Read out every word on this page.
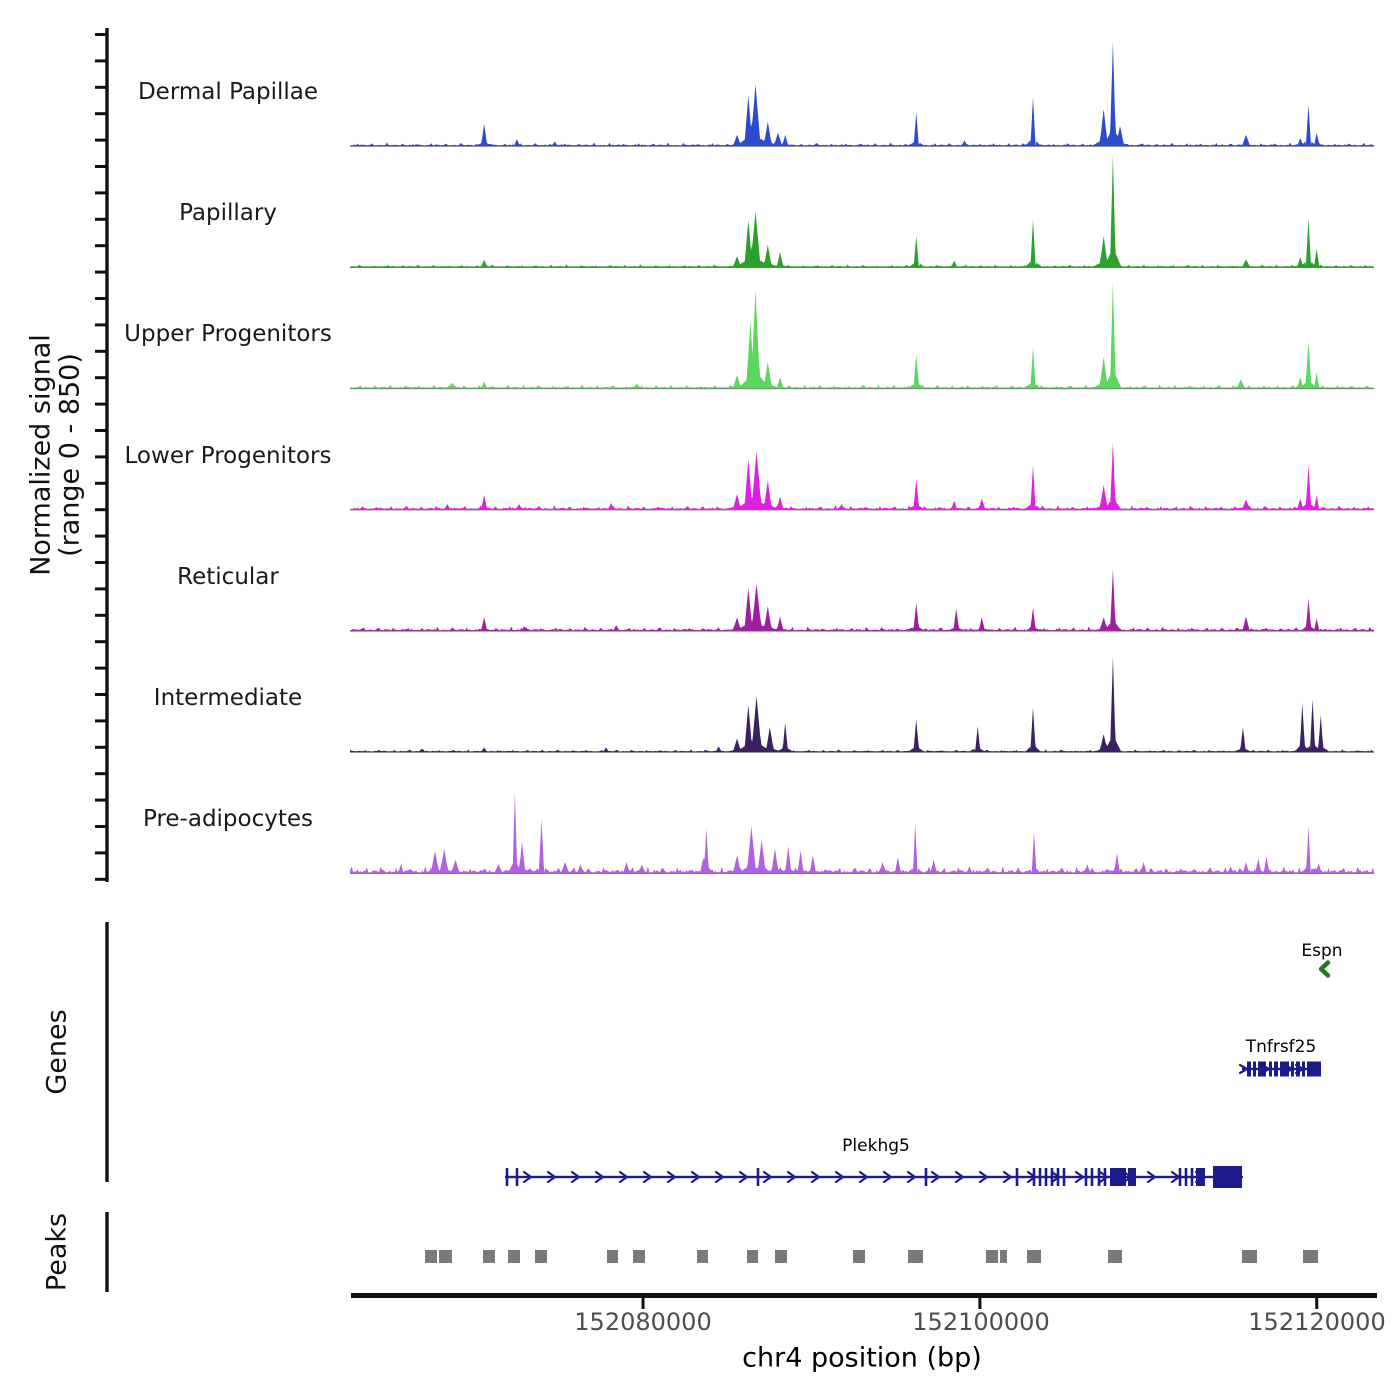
Normalized signal
(range 0 - 850)
Genes
Peaks
Dermal Papillae
Papillary
Upper Progenitors
Lower Progenitors
Reticular
Intermediate
Pre-adipocytes
Espn
Tnfrsf25
Plekhg5
152080000	152100000	152120000
chr4 position (bp)
